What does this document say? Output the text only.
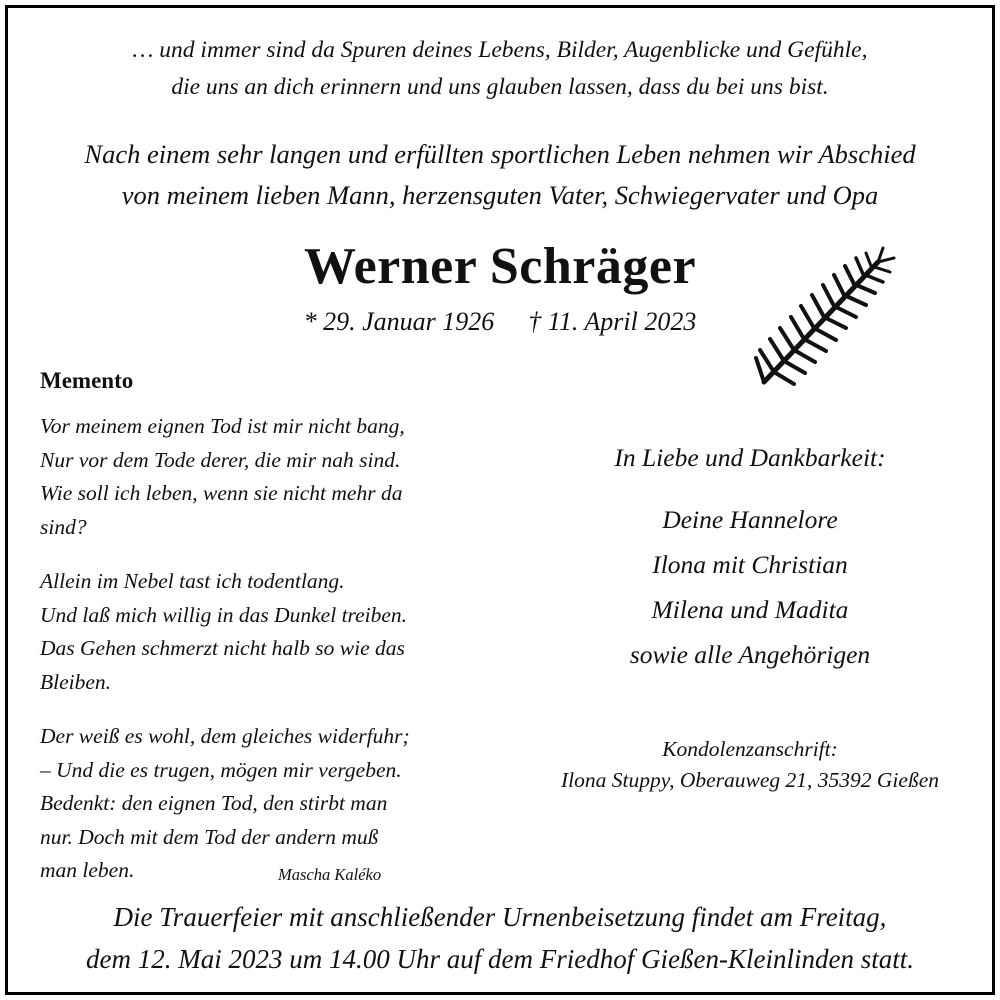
… und immer sind da Spuren deines Lebens, Bilder, Augenblicke und Gefühle,
die uns an dich erinnern und uns glauben lassen, dass du bei uns bist.
Nach einem sehr langen und erfüllten sportlichen Leben nehmen wir Abschied
von meinem lieben Mann, herzensguten Vater, Schwiegervater und Opa
Werner Schräger
* 29. Januar 1926 † 11. April 2023
Memento
Vor meinem eignen Tod ist mir nicht bang,
Nur vor dem Tode derer, die mir nah sind.
Wie soll ich leben, wenn sie nicht mehr da
sind?
Allein im Nebel tast ich todentlang.
Und laß mich willig in das Dunkel treiben.
Das Gehen schmerzt nicht halb so wie das
Bleiben.
Der weiß es wohl, dem gleiches widerfuhr;
– Und die es trugen, mögen mir vergeben.
Bedenkt: den eignen Tod, den stirbt man
nur. Doch mit dem Tod der andern muß
man leben.	Mascha Kaléko
In Liebe und Dankbarkeit:
Deine Hannelore
Ilona mit Christian
Milena und Madita
sowie alle Angehörigen
Kondolenzanschrift:
Ilona Stuppy, Oberauweg 21, 35392 Gießen
Die Trauerfeier mit anschließender Urnenbeisetzung findet am Freitag,
dem 12. Mai 2023 um 14.00 Uhr auf dem Friedhof Gießen-Kleinlinden statt.
